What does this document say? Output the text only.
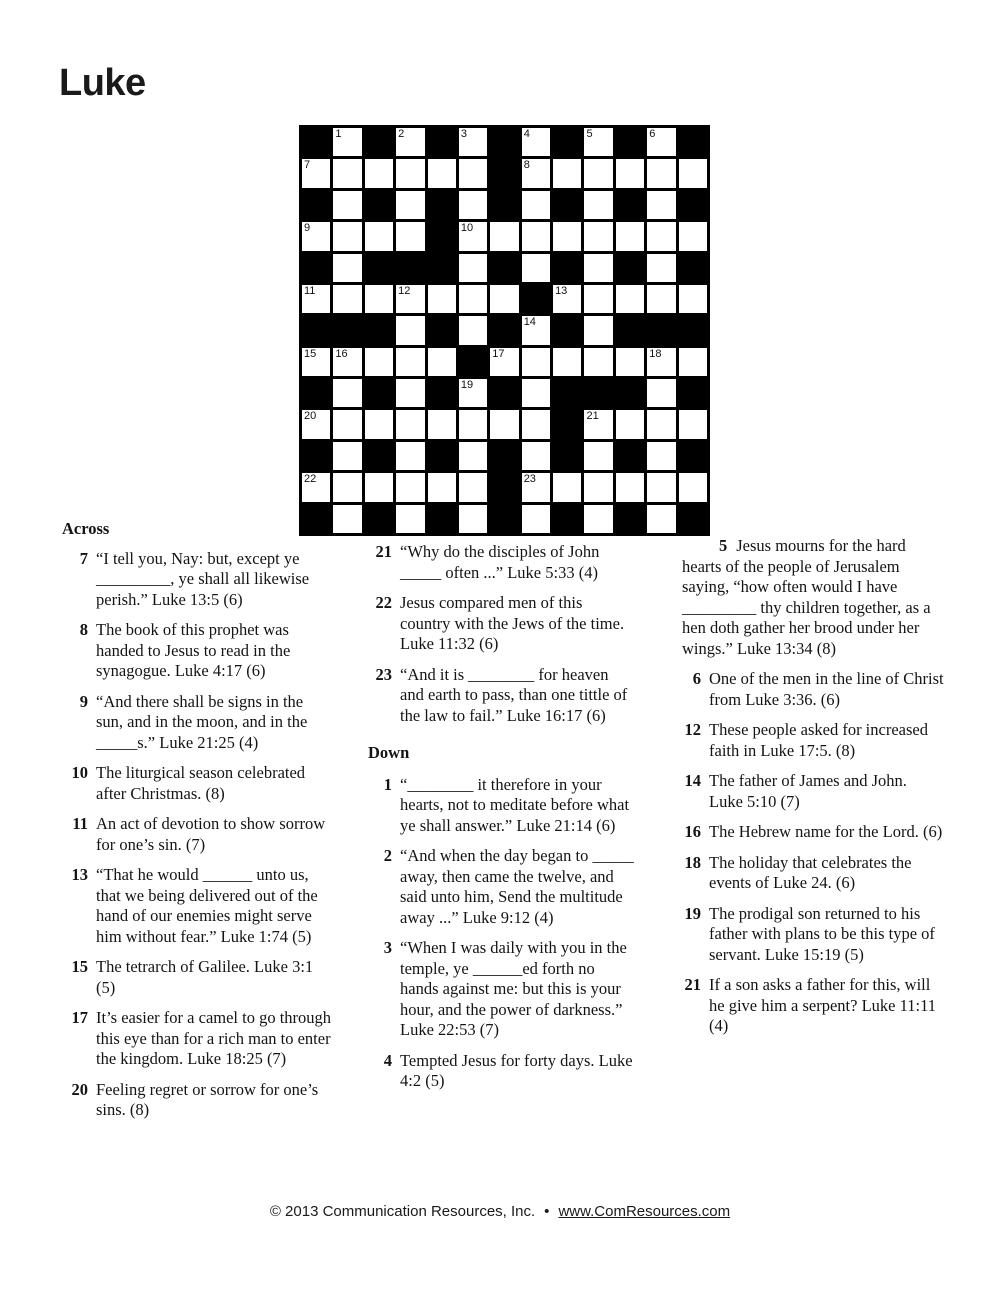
Luke
1	2	3	4	5	6
7	8
9	10
11	12	13
14
15 16	17	18
19
20	21
22	23
Across
7 “I tell you, Nay: but, except ye _________, ye shall all likewise perish.” Luke 13:5 (6)
8 The book of this prophet was handed to Jesus to read in the synagogue. Luke 4:17 (6)
9 “And there shall be signs in the sun, and in the moon, and in the _____s.” Luke 21:25 (4)
10 The liturgical season celebrated after Christmas. (8)
11 An act of devotion to show sorrow for one’s sin. (7)
13 “That he would ______ unto us, that we being delivered out of the hand of our enemies might serve him without fear.” Luke 1:74 (5)
15 The tetrarch of Galilee. Luke 3:1 (5)
17 It’s easier for a camel to go through this eye than for a rich man to enter the kingdom. Luke 18:25 (7)
20 Feeling regret or sorrow for one’s sins. (8)
21 “Why do the disciples of John _____ often ...” Luke 5:33 (4)
22 Jesus compared men of this country with the Jews of the time. Luke 11:32 (6)
23 “And it is ________ for heaven and earth to pass, than one tittle of the law to fail.” Luke 16:17 (6)
Down
1 “________ it therefore in your hearts, not to meditate before what ye shall answer.” Luke 21:14 (6)
2 “And when the day began to _____ away, then came the twelve, and said unto him, Send the multitude away ...” Luke 9:12 (4)
3 “When I was daily with you in the temple, ye ______ed forth no hands against me: but this is your hour, and the power of darkness.” Luke 22:53 (7)
4 Tempted Jesus for forty days. Luke 4:2 (5)
5 Jesus mourns for the hard hearts of the people of Jerusalem saying, “how often would I have _________ thy children together, as a hen doth gather her brood under her wings.” Luke 13:34 (8)
6 One of the men in the line of Christ from Luke 3:36. (6)
12 These people asked for increased faith in Luke 17:5. (8)
14 The father of James and John. Luke 5:10 (7)
16 The Hebrew name for the Lord. (6)
18 The holiday that celebrates the events of Luke 24. (6)
19 The prodigal son returned to his father with plans to be this type of servant. Luke 15:19 (5)
21 If a son asks a father for this, will he give him a serpent? Luke 11:11 (4)
© 2013 Communication Resources, Inc. • www.ComResources.com
